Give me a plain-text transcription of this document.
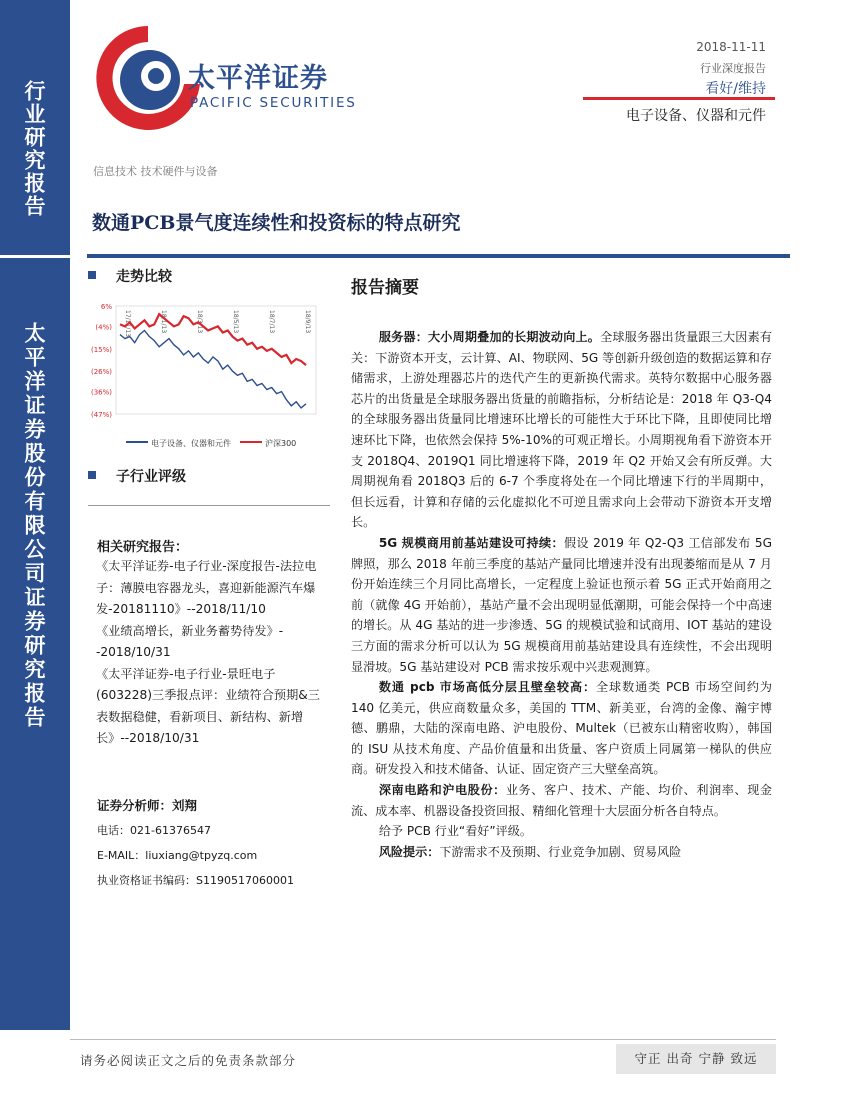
行业研究报告
太平洋证券股份有限公司证券研究报告
太平洋证券
PACIFIC SECURITIES
2018-11-11
行业深度报告
看好/维持
电子设备、仪器和元件
信息技术 技术硬件与设备
数通PCB景气度连续性和投资标的特点研究
走势比较
6%
(4%)
(15%)
(26%)
(36%)
(47%)
17/11/13	18/1/13	18/3/13	18/5/13	18/7/13	18/9/13
电子设备、仪器和元件	沪深300
子行业评级
相关研究报告：
《太平洋证券-电子行业-深度报告-法拉电子：薄膜电容器龙头，喜迎新能源汽车爆发-20181110》--2018/11/10
《业绩高增长，新业务蓄势待发》--2018/10/31
《太平洋证券-电子行业-景旺电子(603228)三季报点评：业绩符合预期&三表数据稳健，看新项目、新结构、新增长》--2018/10/31
证券分析师：刘翔
电话：021-61376547
E-MAIL：liuxiang@tpyzq.com
执业资格证书编码：S1190517060001
报告摘要

服务器：大小周期叠加的长期波动向上。全球服务器出货量跟三大因素有关：下游资本开支，云计算、AI、物联网、5G 等创新升级创造的数据运算和存储需求，上游处理器芯片的迭代产生的更新换代需求。英特尔数据中心服务器芯片的出货量是全球服务器出货量的前瞻指标，分析结论是：2018 年 Q3-Q4 的全球服务器出货量同比增速环比增长的可能性大于环比下降，且即使同比增速环比下降，也依然会保持 5%-10%的可观正增长。小周期视角看下游资本开支 2018Q4、2019Q1 同比增速将下降，2019 年 Q2 开始又会有所反弹。大周期视角看 2018Q3 后的 6-7 个季度将处在一个同比增速下行的半周期中，但长远看，计算和存储的云化虚拟化不可逆且需求向上会带动下游资本开支增长。

5G 规模商用前基站建设可持续：假设 2019 年 Q2-Q3 工信部发布 5G 牌照，那么 2018 年前三季度的基站产量同比增速并没有出现萎缩而是从 7 月份开始连续三个月同比高增长，一定程度上验证也预示着 5G 正式开始商用之前（就像 4G 开始前），基站产量不会出现明显低潮期，可能会保持一个中高速的增长。从 4G 基站的进一步渗透、5G 的规模试验和试商用、IOT 基站的建设三方面的需求分析可以认为 5G 规模商用前基站建设具有连续性，不会出现明显滑坡。5G 基站建设对 PCB 需求按乐观中兴悲观测算。

数通 pcb 市场高低分层且壁垒较高：全球数通类 PCB 市场空间约为 140 亿美元，供应商数量众多，美国的 TTM、新美亚，台湾的金像、瀚宇博德、鹏鼎，大陆的深南电路、沪电股份、Multek（已被东山精密收购），韩国的 ISU 从技术角度、产品价值量和出货量、客户资质上同属第一梯队的供应商。研发投入和技术储备、认证、固定资产三大壁垒高筑。

深南电路和沪电股份：业务、客户、技术、产能、均价、利润率、现金流、成本率、机器设备投资回报、精细化管理十大层面分析各自特点。

给予 PCB 行业“看好”评级。

风险提示：下游需求不及预期、行业竞争加剧、贸易风险

请务必阅读正文之后的免责条款部分	守正 出奇 宁静 致远
